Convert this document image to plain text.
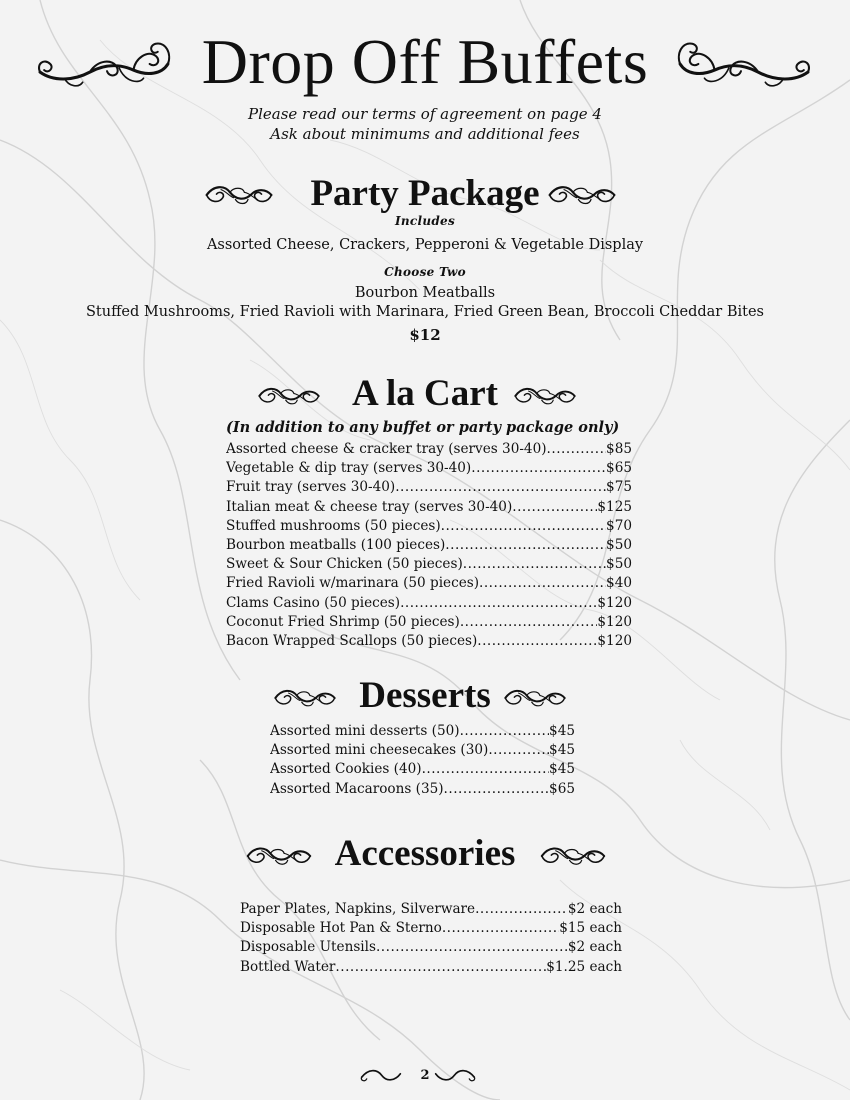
Drop Off Buffets
Please read our terms of agreement on page 4
Ask about minimums and additional fees
Party Package
Includes
Assorted Cheese, Crackers, Pepperoni & Vegetable Display
Choose Two
Bourbon Meatballs
Stuffed Mushrooms, Fried Ravioli with Marinara, Fried Green Bean, Broccoli Cheddar Bites
$12
A la Cart
(In addition to any buffet or party package only)
Assorted cheese & cracker tray (serves 30-40) .....	$85
Vegetable & dip tray (serves 30-40) .....	$65
Fruit tray (serves 30-40) .....	$75
Italian meat & cheese tray (serves 30-40) .....	$125
Stuffed mushrooms (50 pieces) .....	$70
Bourbon meatballs (100 pieces) .....	$50
Sweet & Sour Chicken (50 pieces) .....	$50
Fried Ravioli w/marinara (50 pieces) .....	$40
Clams Casino (50 pieces) .....	$120
Coconut Fried Shrimp (50 pieces) .....	$120
Bacon Wrapped Scallops (50 pieces) .....	$120
Desserts
Assorted mini desserts (50) .....	$45
Assorted mini cheesecakes (30) .....	$45
Assorted Cookies (40) .....	$45
Assorted Macaroons (35) .....	$65
Accessories
Paper Plates, Napkins, Silverware .....	$2 each
Disposable Hot Pan & Sterno .....	$15 each
Disposable Utensils .....	$2 each
Bottled Water .....	$1.25 each
2
